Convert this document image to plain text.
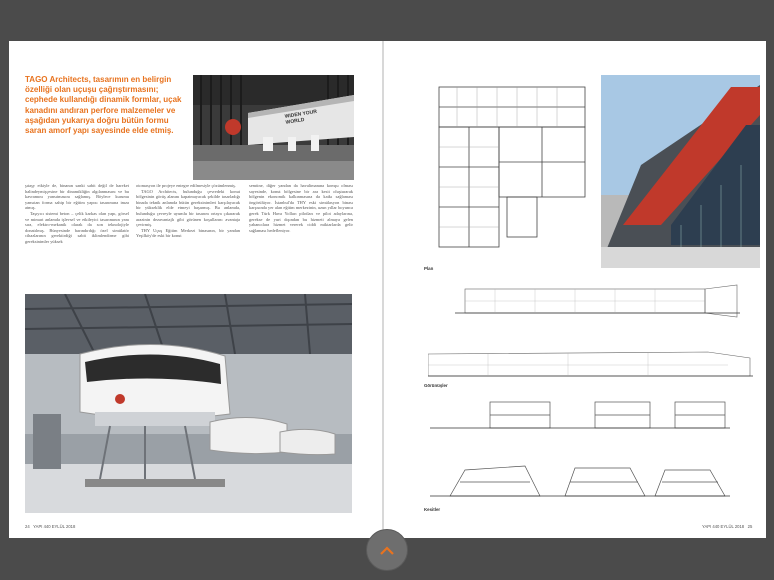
TAGO Architects, tasarımın en belirgin özelliği olan uçuşu çağrıştırmasını; cephede kullandığı dinamik formlar, uçak kanadını andıran perfore malzemeler ve aşağıdan yukarıya doğru bütün formu saran amorf yapı sayesinde elde etmiş.
WIDEN YOUR WORLD

şıtaşy etkiyle de, binanın sanki sabit değil de hareket halindeymişçesine bir dinamikliğin algılanmasını ve bu kavramını yansıtmasını sağlamış. Böylece kurumu yansıtan forma sahip bir eğitim yapısı tasarımına imza atmış.

Taşıyıcı sistemi beton – çelik karkas olan yapı, görsel ve mimari anlamda işlevsel ve etkileyici tasarımının yanı sıra, elektro-mekanik olarak da son teknolojiyle donatılmış. Bünyesinde barındırdığı özel simülatör cihazlarının gerektirdiği sabit iklimlendirme gibi gereksinimler yüksek

otomasyon ile projeye entegre edilmesiyle çözümlenmiş.

TAGO Architects, bulunduğu çevredeki konut bölgesinin görüş alanını kapatmayacak şekilde tasarladığı binada teknik anlamda bütün gereksinimleri karşılayacak bir yükseklik elde etmeyi başarmış. Bu anlamda, bulunduğu çevreyle uyumlu bir tasarım ortaya çıkararak arazinin dezavantajlı gibi görünen koşullarını avantaja çevirmiş.

THY Uçuş Eğitim Merkezi binasının, bir yandan Yeşilköy'de eski bir konut

semtine, diğer yandan da havalimanına komşu olması sayesinde, konut bölgesine bir ara kesit oluşturarak bölgenin ekonomik kalkınmasına da katkı sağlaması öngörülüyor. İstanbul'da THY eski simülasyon binası karşısında yer alan eğitim merkezinin, uzun yıllar boyunca gerek Türk Hava Yolları pilotları ve pilot adaylarına, gerekse de yurt dışından bu hizmeti almaya gelen yabancılara hizmet vererek ciddi miktarlarda gelir sağlaması hedefleniyor.

24 YAPI 440 EYLÜL 2018
Plan
Görünüşler
Kesitler
YAPI 440 EYLÜL 2018 25
